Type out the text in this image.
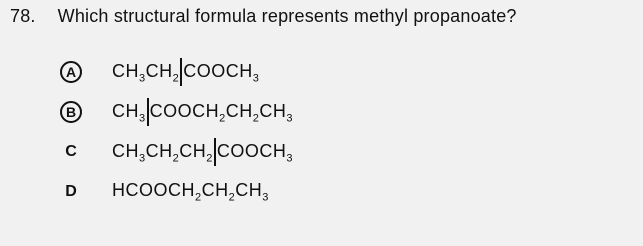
78. Which structural formula represents methyl propanoate?
A	$CH_3CH_2$ $COOCH_3$
B	$CH_3$ $COOCH_2CH_2CH_3$
C $CH_3CH_2CH_2$ $COOCH_3$
D $HCOOCH_2CH_2CH_3$
